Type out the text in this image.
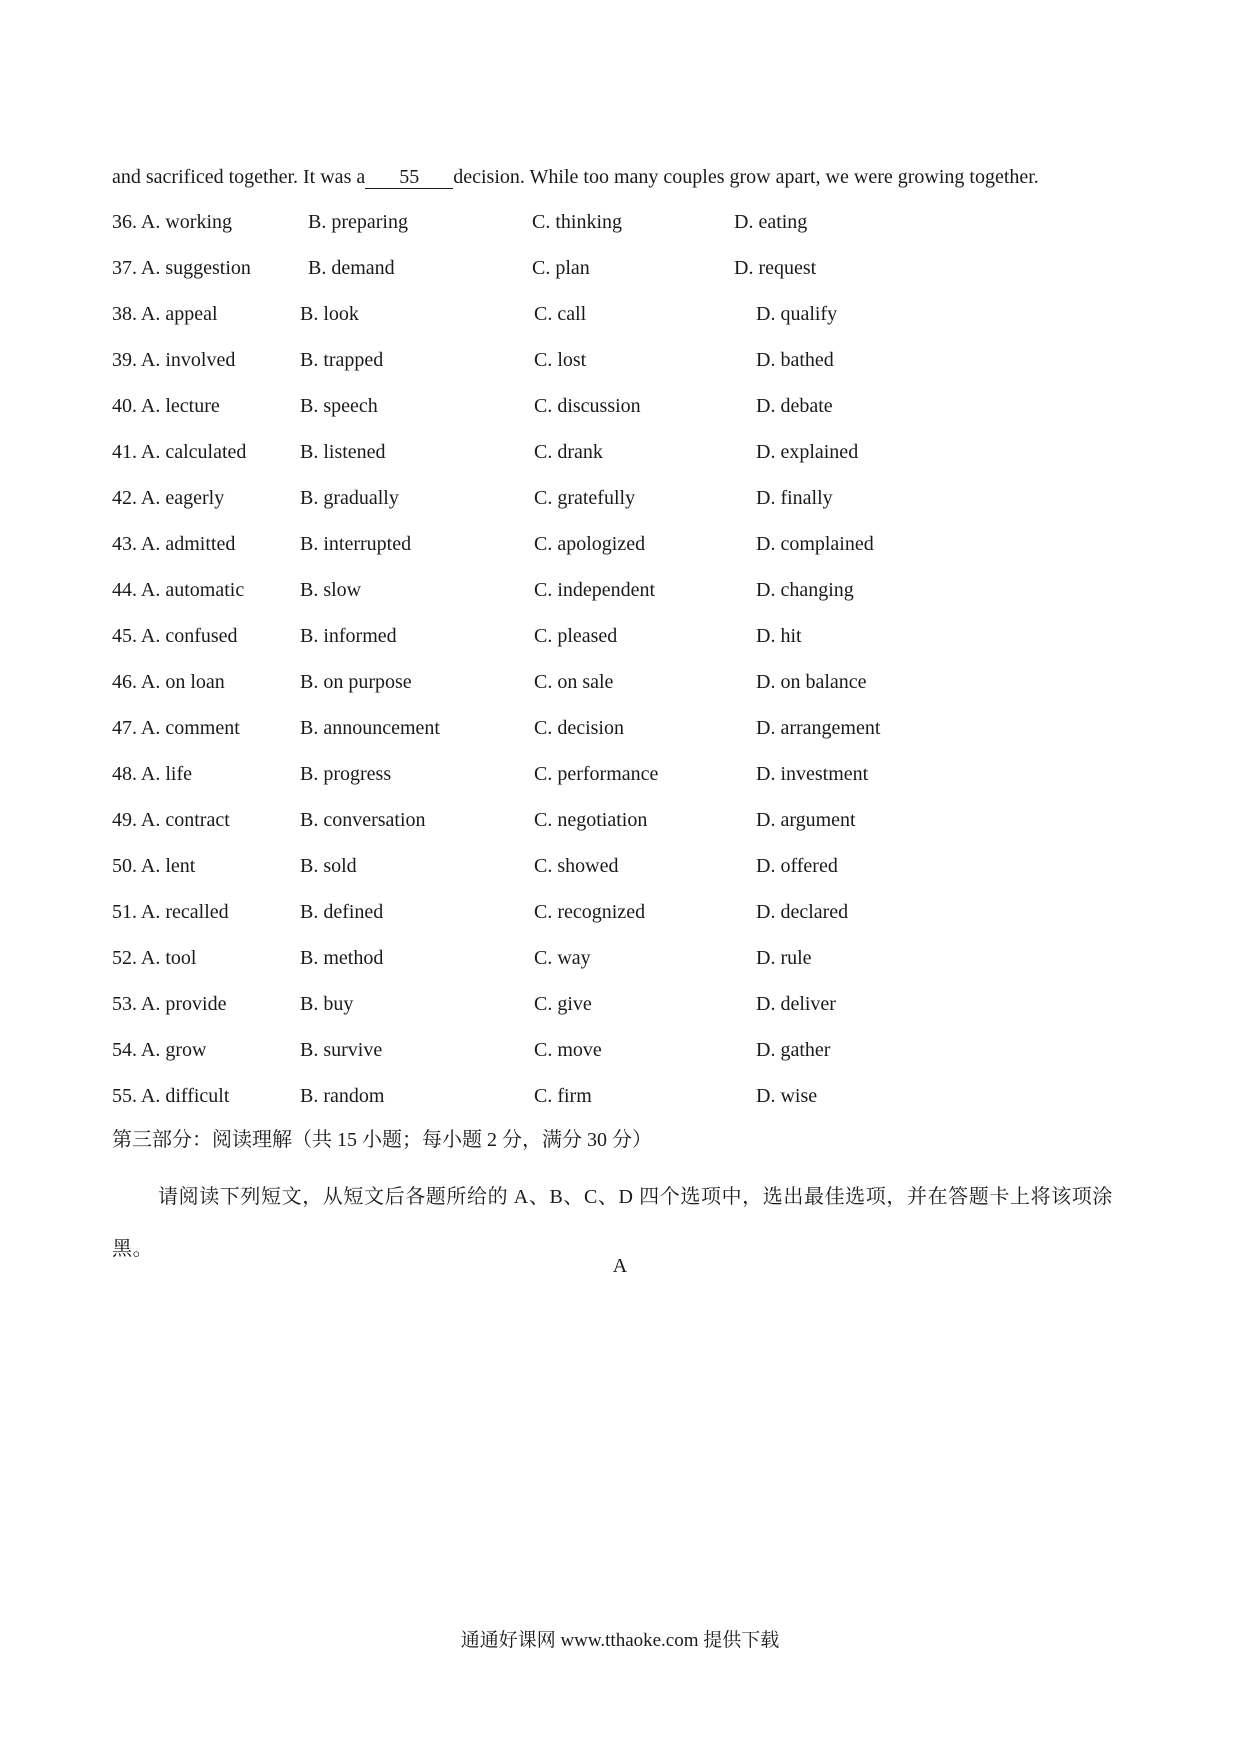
and sacrificed together. It was a 55 decision. While too many couples grow apart, we were growing together.
36. A. working	B. preparing	C. thinking	D. eating
37. A. suggestion	B. demand	C. plan	D. request
38. A. appeal	B. look	C. call	D. qualify
39. A. involved	B. trapped	C. lost	D. bathed
40. A. lecture	B. speech	C. discussion	D. debate
41. A. calculated	B. listened	C. drank	D. explained
42. A. eagerly	B. gradually	C. gratefully	D. finally
43. A. admitted	B. interrupted	C. apologized	D. complained
44. A. automatic	B. slow	C. independent	D. changing
45. A. confused	B. informed	C. pleased	D. hit
46. A. on loan	B. on purpose	C. on sale	D. on balance
47. A. comment	B. announcement	C. decision	D. arrangement
48. A. life	B. progress	C. performance	D. investment
49. A. contract	B. conversation	C. negotiation	D. argument
50. A. lent	B. sold	C. showed	D. offered
51. A. recalled	B. defined	C. recognized	D. declared
52. A. tool	B. method	C. way	D. rule
53. A. provide	B. buy	C. give	D. deliver
54. A. grow	B. survive	C. move	D. gather
55. A. difficult	B. random	C. firm	D. wise
第三部分：阅读理解（共 15 小题；每小题 2 分，满分 30 分）
请阅读下列短文，从短文后各题所给的 A、B、C、D 四个选项中，选出最佳选项，并在答题卡上将该项涂黑。
A
通通好课网 www.tthaoke.com 提供下载
